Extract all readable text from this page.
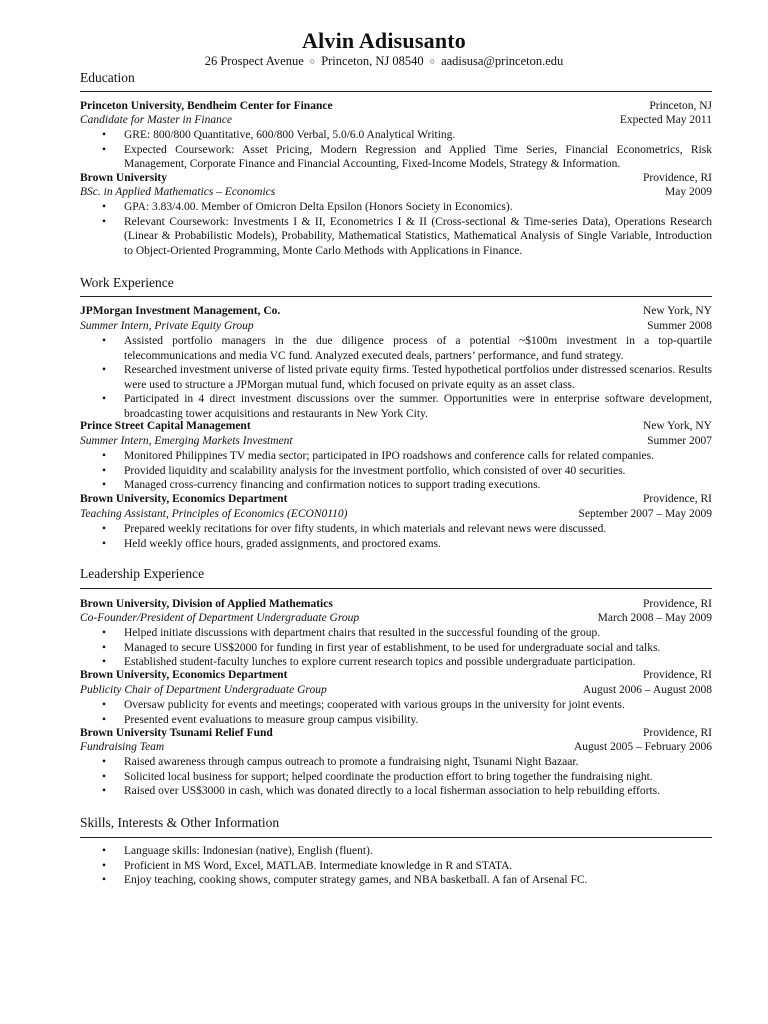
Alvin Adisusanto
26 Prospect Avenue ○ Princeton, NJ 08540 ○ aadisusa@princeton.edu
Education
Princeton University, Bendheim Center for Finance	Princeton, NJ
Candidate for Master in Finance	Expected May 2011
• GRE: 800/800 Quantitative, 600/800 Verbal, 5.0/6.0 Analytical Writing.
• Expected Coursework: Asset Pricing, Modern Regression and Applied Time Series, Financial Econometrics, Risk Management, Corporate Finance and Financial Accounting, Fixed-Income Models, Strategy & Information.
Brown University	Providence, RI
BSc. in Applied Mathematics – Economics	May 2009
• GPA: 3.83/4.00. Member of Omicron Delta Epsilon (Honors Society in Economics).
• Relevant Coursework: Investments I & II, Econometrics I & II (Cross-sectional & Time-series Data), Operations Research (Linear & Probabilistic Models), Probability, Mathematical Statistics, Mathematical Analysis of Single Variable, Introduction to Object-Oriented Programming, Monte Carlo Methods with Applications in Finance.
Work Experience
JPMorgan Investment Management, Co.	New York, NY
Summer Intern, Private Equity Group	Summer 2008
• Assisted portfolio managers in the due diligence process of a potential ~$100m investment in a top-quartile telecommunications and media VC fund. Analyzed executed deals, partners’ performance, and fund strategy.
• Researched investment universe of listed private equity firms. Tested hypothetical portfolios under distressed scenarios. Results were used to structure a JPMorgan mutual fund, which focused on private equity as an asset class.
• Participated in 4 direct investment discussions over the summer. Opportunities were in enterprise software development, broadcasting tower acquisitions and restaurants in New York City.
Prince Street Capital Management	New York, NY
Summer Intern, Emerging Markets Investment	Summer 2007
• Monitored Philippines TV media sector; participated in IPO roadshows and conference calls for related companies.
• Provided liquidity and scalability analysis for the investment portfolio, which consisted of over 40 securities.
• Managed cross-currency financing and confirmation notices to support trading executions.
Brown University, Economics Department	Providence, RI
Teaching Assistant, Principles of Economics (ECON0110)	September 2007 – May 2009
• Prepared weekly recitations for over fifty students, in which materials and relevant news were discussed.
• Held weekly office hours, graded assignments, and proctored exams.
Leadership Experience
Brown University, Division of Applied Mathematics	Providence, RI
Co-Founder/President of Department Undergraduate Group	March 2008 – May 2009
• Helped initiate discussions with department chairs that resulted in the successful founding of the group.
• Managed to secure US$2000 for funding in first year of establishment, to be used for undergraduate social and talks.
• Established student-faculty lunches to explore current research topics and possible undergraduate participation.
Brown University, Economics Department	Providence, RI
Publicity Chair of Department Undergraduate Group	August 2006 – August 2008
• Oversaw publicity for events and meetings; cooperated with various groups in the university for joint events.
• Presented event evaluations to measure group campus visibility.
Brown University Tsunami Relief Fund	Providence, RI
Fundraising Team	August 2005 – February 2006
• Raised awareness through campus outreach to promote a fundraising night, Tsunami Night Bazaar.
• Solicited local business for support; helped coordinate the production effort to bring together the fundraising night.
• Raised over US$3000 in cash, which was donated directly to a local fisherman association to help rebuilding efforts.
Skills, Interests & Other Information
• Language skills: Indonesian (native), English (fluent).
• Proficient in MS Word, Excel, MATLAB. Intermediate knowledge in R and STATA.
• Enjoy teaching, cooking shows, computer strategy games, and NBA basketball. A fan of Arsenal FC.
